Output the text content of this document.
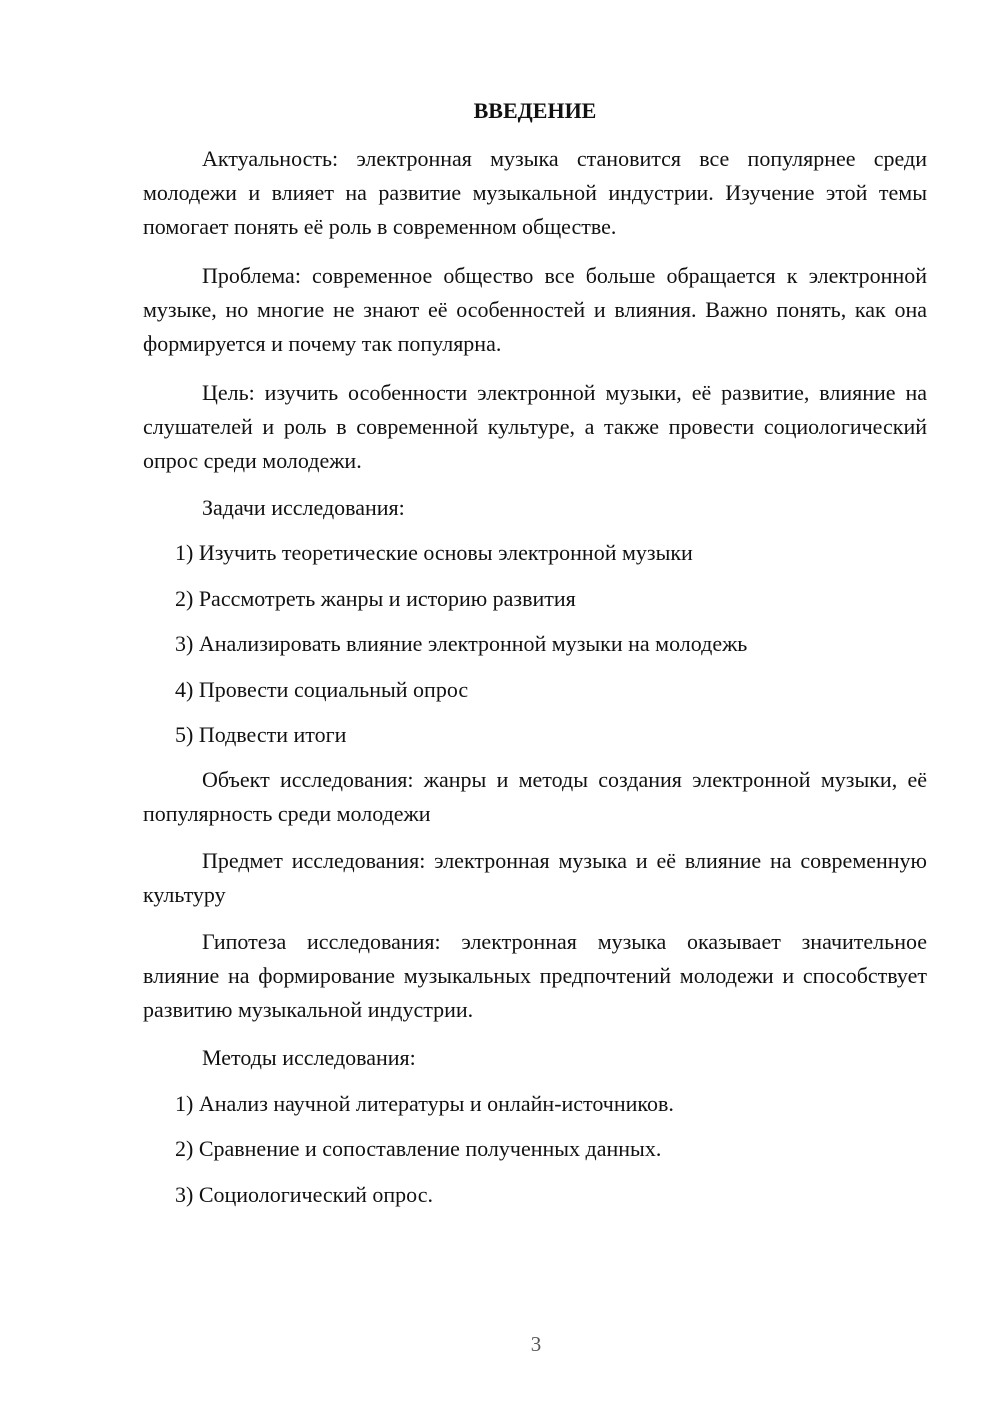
ВВЕДЕНИЕ

Актуальность: электронная музыка становится все популярнее среди молодежи и влияет на развитие музыкальной индустрии. Изучение этой темы помогает понять её роль в современном обществе.

Проблема: современное общество все больше обращается к электронной музыке, но многие не знают её особенностей и влияния. Важно понять, как она формируется и почему так популярна.

Цель: изучить особенности электронной музыки, её развитие, влияние на слушателей и роль в современной культуре, а также провести социологический опрос среди молодежи.

Задачи исследования:

1) Изучить теоретические основы электронной музыки

2) Рассмотреть жанры и историю развития

3) Анализировать влияние электронной музыки на молодежь

4) Провести социальный опрос

5) Подвести итоги

Объект исследования: жанры и методы создания электронной музыки, её популярность среди молодежи

Предмет исследования: электронная музыка и её влияние на современную культуру

Гипотеза исследования: электронная музыка оказывает значительное влияние на формирование музыкальных предпочтений молодежи и способствует развитию музыкальной индустрии.

Методы исследования:

1) Анализ научной литературы и онлайн-источников.

2) Сравнение и сопоставление полученных данных.

3) Социологический опрос.

3
